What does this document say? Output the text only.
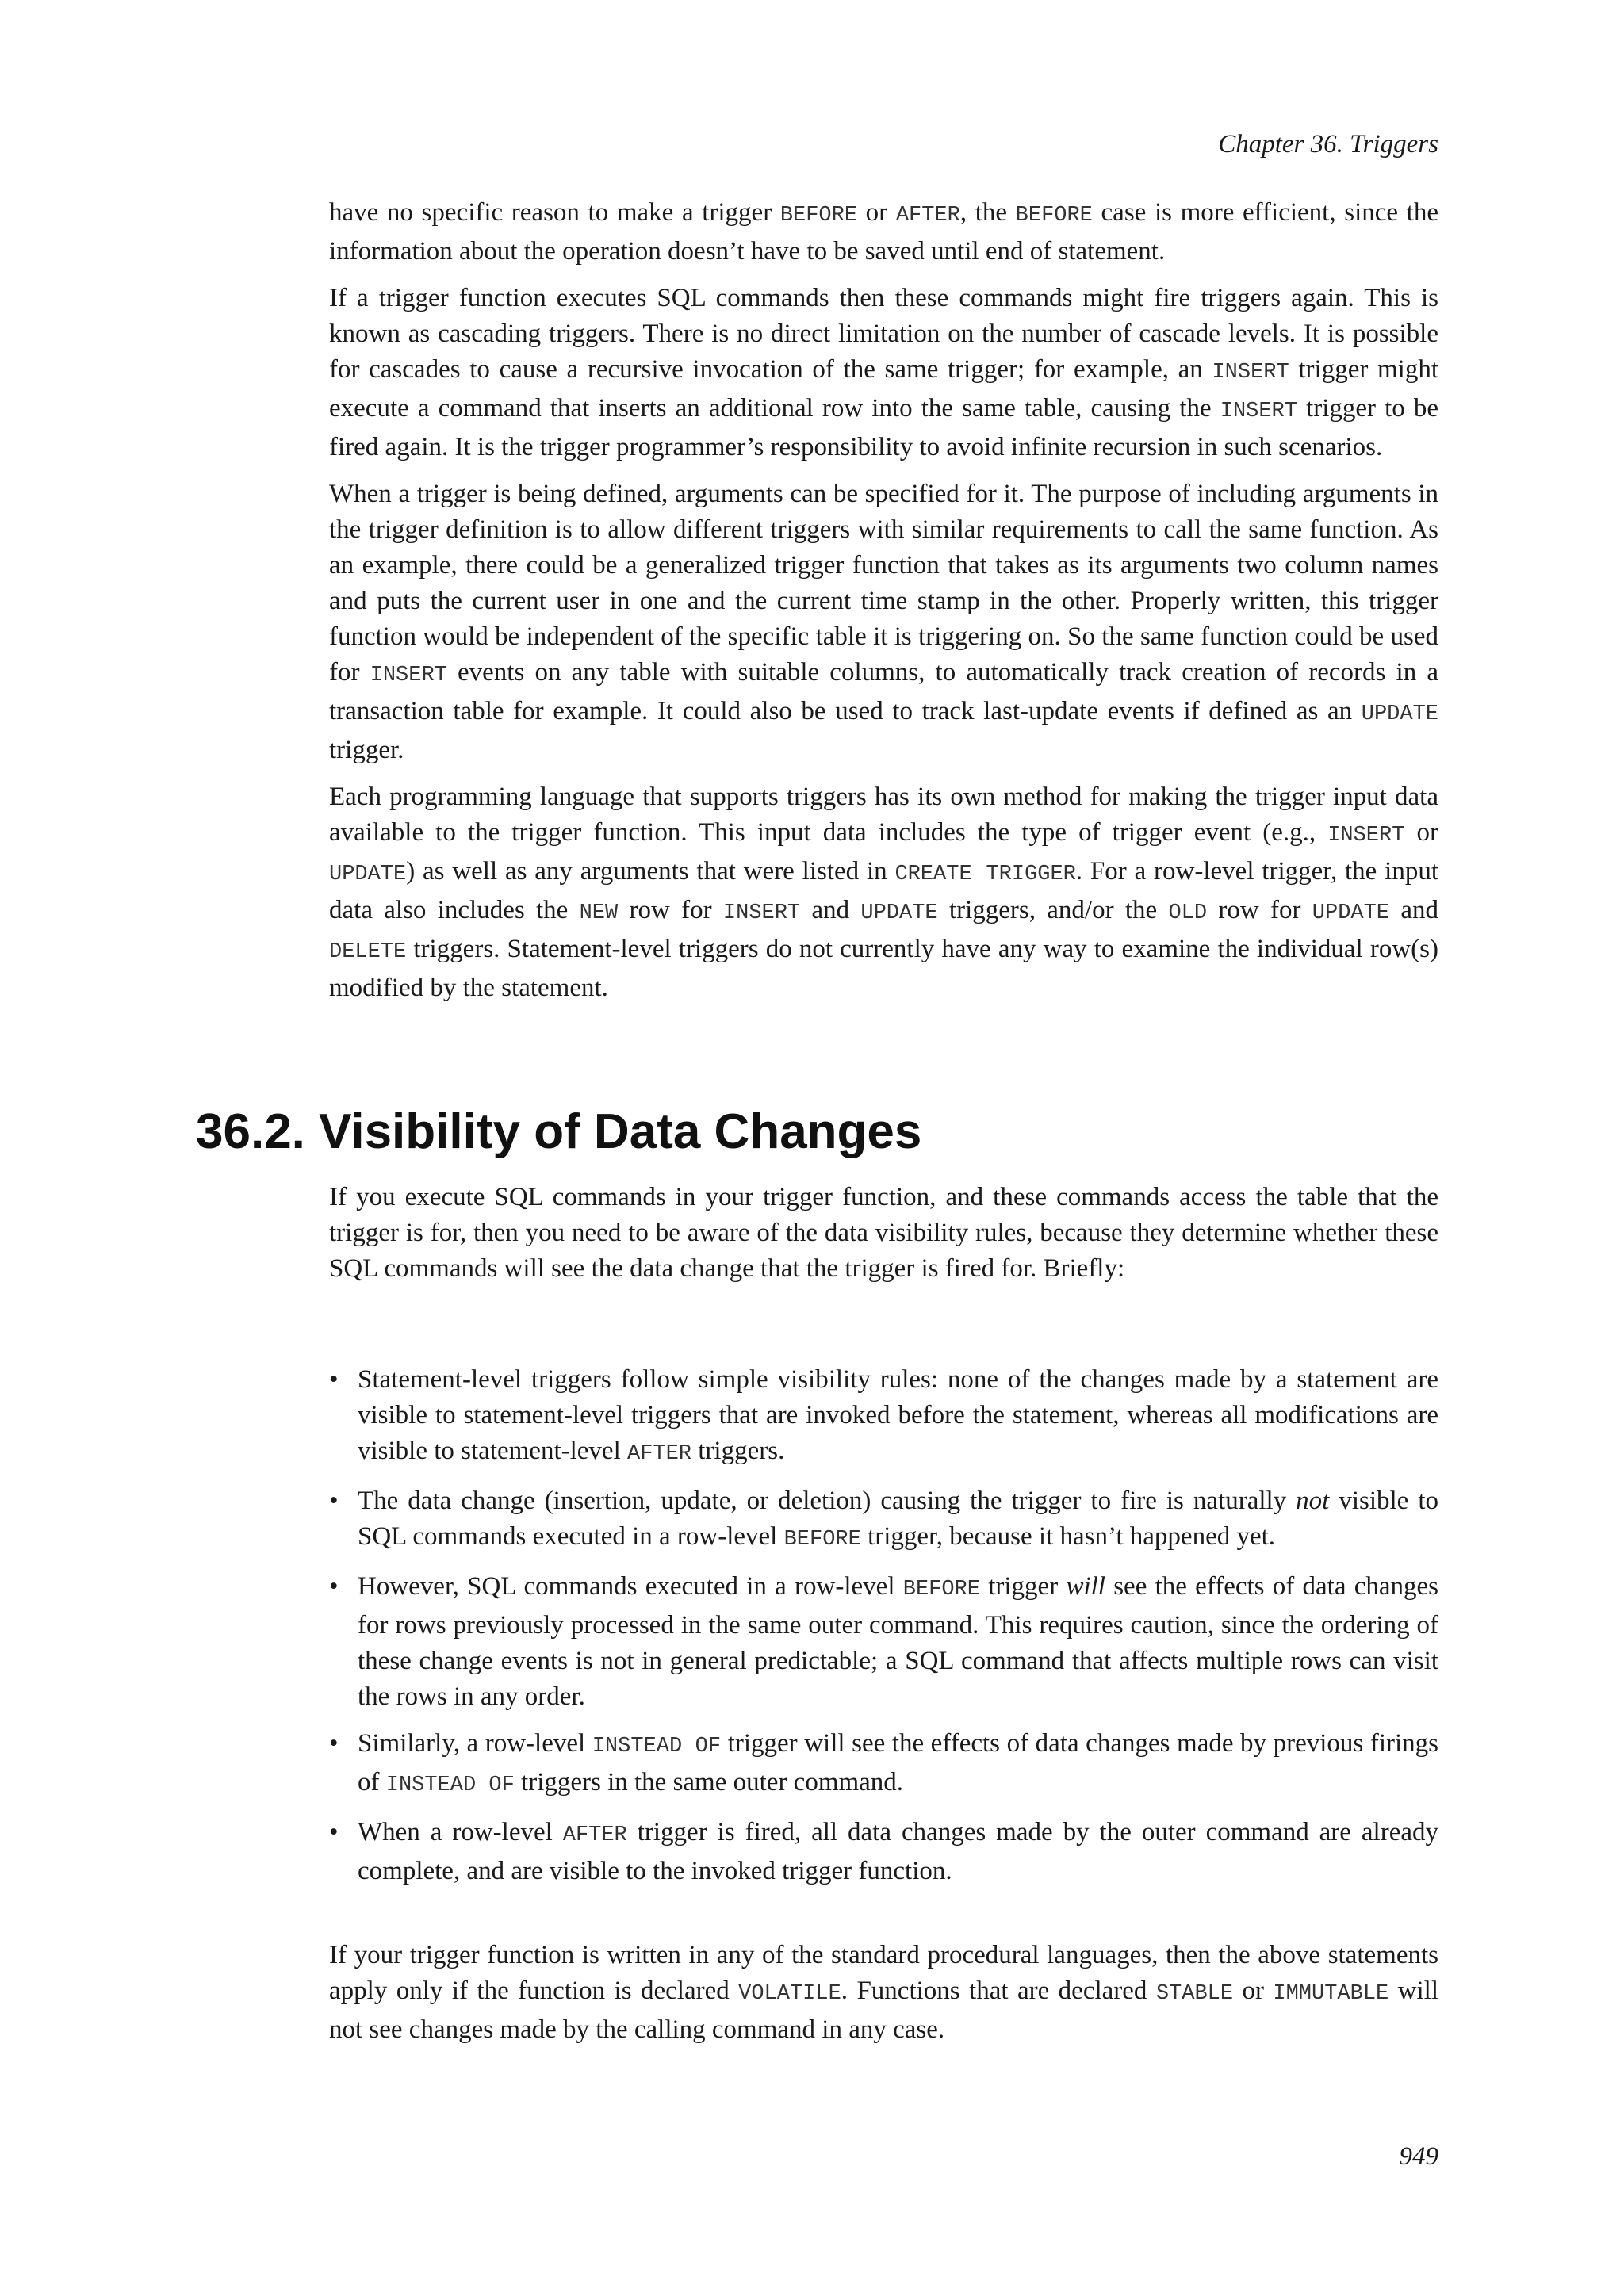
Chapter 36. Triggers

have no specific reason to make a trigger BEFORE or AFTER, the BEFORE case is more efficient, since the information about the operation doesn’t have to be saved until end of statement.

If a trigger function executes SQL commands then these commands might fire triggers again. This is known as cascading triggers. There is no direct limitation on the number of cascade levels. It is possible for cascades to cause a recursive invocation of the same trigger; for example, an INSERT trigger might execute a command that inserts an additional row into the same table, causing the INSERT trigger to be fired again. It is the trigger programmer’s responsibility to avoid infinite recursion in such scenarios.

When a trigger is being defined, arguments can be specified for it. The purpose of including arguments in the trigger definition is to allow different triggers with similar requirements to call the same function. As an example, there could be a generalized trigger function that takes as its arguments two column names and puts the current user in one and the current time stamp in the other. Properly written, this trigger function would be independent of the specific table it is triggering on. So the same function could be used for INSERT events on any table with suitable columns, to automatically track creation of records in a transaction table for example. It could also be used to track last-update events if defined as an UPDATE trigger.

Each programming language that supports triggers has its own method for making the trigger input data available to the trigger function. This input data includes the type of trigger event (e.g., INSERT or UPDATE) as well as any arguments that were listed in CREATE TRIGGER. For a row-level trigger, the input data also includes the NEW row for INSERT and UPDATE triggers, and/or the OLD row for UPDATE and DELETE triggers. Statement-level triggers do not currently have any way to examine the individual row(s) modified by the statement.

36.2. Visibility of Data Changes

If you execute SQL commands in your trigger function, and these commands access the table that the trigger is for, then you need to be aware of the data visibility rules, because they determine whether these SQL commands will see the data change that the trigger is fired for. Briefly:

• Statement-level triggers follow simple visibility rules: none of the changes made by a statement are visible to statement-level triggers that are invoked before the statement, whereas all modifications are visible to statement-level AFTER triggers.
• The data change (insertion, update, or deletion) causing the trigger to fire is naturally not visible to SQL commands executed in a row-level BEFORE trigger, because it hasn’t happened yet.
• However, SQL commands executed in a row-level BEFORE trigger will see the effects of data changes for rows previously processed in the same outer command. This requires caution, since the ordering of these change events is not in general predictable; a SQL command that affects multiple rows can visit the rows in any order.
• Similarly, a row-level INSTEAD OF trigger will see the effects of data changes made by previous firings of INSTEAD OF triggers in the same outer command.
• When a row-level AFTER trigger is fired, all data changes made by the outer command are already complete, and are visible to the invoked trigger function.

If your trigger function is written in any of the standard procedural languages, then the above statements apply only if the function is declared VOLATILE. Functions that are declared STABLE or IMMUTABLE will not see changes made by the calling command in any case.

949
